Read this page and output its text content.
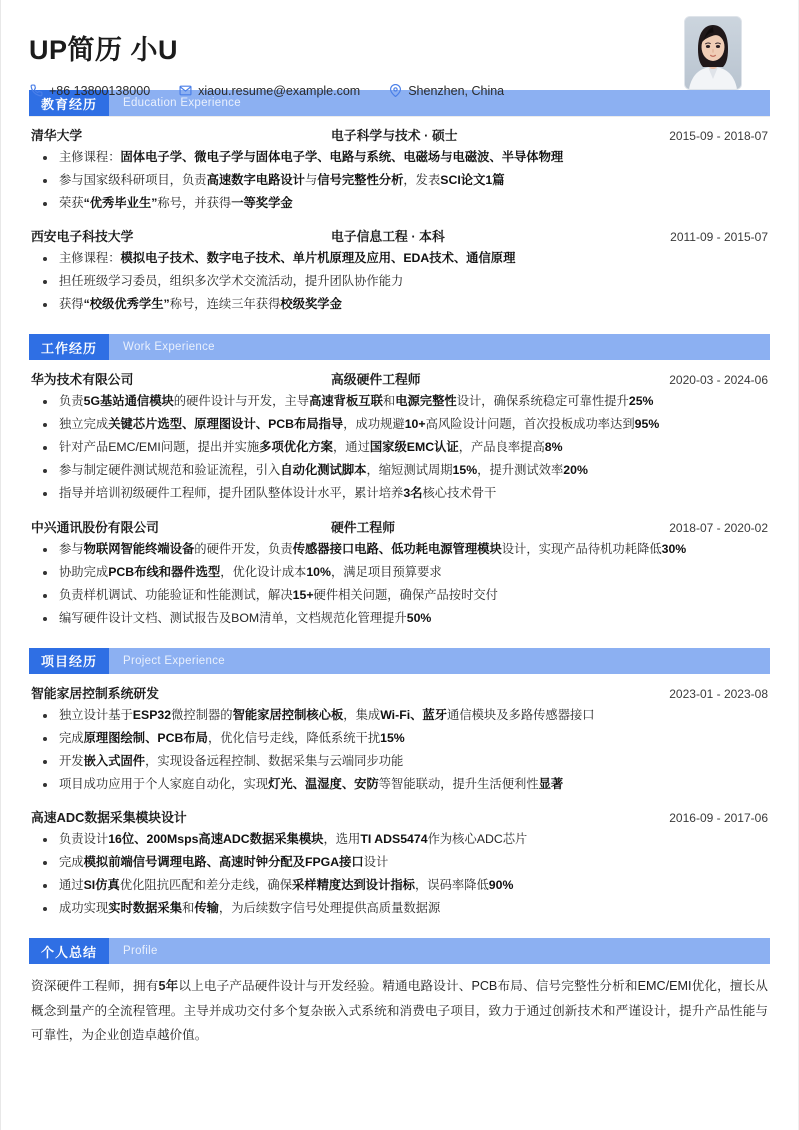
UP简历 小U
+86 13800138000	xiaou.resume@example.com	Shenzhen, China
教育经历	Education Experience
清华大学	电子科学与技术 · 硕士	2015-09 - 2018-07
主修课程：固体电子学、微电子学与固体电子学、电路与系统、电磁场与电磁波、半导体物理
参与国家级科研项目，负责高速数字电路设计与信号完整性分析，发表SCI论文1篇
荣获“优秀毕业生”称号，并获得一等奖学金
西安电子科技大学	电子信息工程 · 本科	2011-09 - 2015-07
主修课程：模拟电子技术、数字电子技术、单片机原理及应用、EDA技术、通信原理
担任班级学习委员，组织多次学术交流活动，提升团队协作能力
获得“校级优秀学生”称号，连续三年获得校级奖学金
工作经历	Work Experience
华为技术有限公司	高级硬件工程师	2020-03 - 2024-06
负责5G基站通信模块的硬件设计与开发，主导高速背板互联和电源完整性设计，确保系统稳定可靠性提升25%
独立完成关键芯片选型、原理图设计、PCB布局指导，成功规避10+高风险设计问题，首次投板成功率达到95%
针对产品EMC/EMI问题，提出并实施多项优化方案，通过国家级EMC认证，产品良率提高8%
参与制定硬件测试规范和验证流程，引入自动化测试脚本，缩短测试周期15%，提升测试效率20%
指导并培训初级硬件工程师，提升团队整体设计水平，累计培养3名核心技术骨干
中兴通讯股份有限公司	硬件工程师	2018-07 - 2020-02
参与物联网智能终端设备的硬件开发，负责传感器接口电路、低功耗电源管理模块设计，实现产品待机功耗降低30%
协助完成PCB布线和器件选型，优化设计成本10%，满足项目预算要求
负责样机调试、功能验证和性能测试，解决15+硬件相关问题，确保产品按时交付
编写硬件设计文档、测试报告及BOM清单，文档规范化管理提升50%
项目经历	Project Experience
智能家居控制系统研发	2023-01 - 2023-08
独立设计基于ESP32微控制器的智能家居控制核心板，集成Wi-Fi、蓝牙通信模块及多路传感器接口
完成原理图绘制、PCB布局，优化信号走线，降低系统干扰15%
开发嵌入式固件，实现设备远程控制、数据采集与云端同步功能
项目成功应用于个人家庭自动化，实现灯光、温湿度、安防等智能联动，提升生活便利性显著
高速ADC数据采集模块设计	2016-09 - 2017-06
负责设计16位、200Msps高速ADC数据采集模块，选用TI ADS5474作为核心ADC芯片
完成模拟前端信号调理电路、高速时钟分配及FPGA接口设计
通过SI仿真优化阻抗匹配和差分走线，确保采样精度达到设计指标，误码率降低90%
成功实现实时数据采集和传输，为后续数字信号处理提供高质量数据源
个人总结	Profile
资深硬件工程师，拥有5年以上电子产品硬件设计与开发经验。精通电路设计、PCB布局、信号完整性分析和EMC/EMI优化，擅长从概念到量产的全流程管理。主导并成功交付多个复杂嵌入式系统和消费电子项目，致力于通过创新技术和严谨设计，提升产品性能与可靠性，为企业创造卓越价值。
